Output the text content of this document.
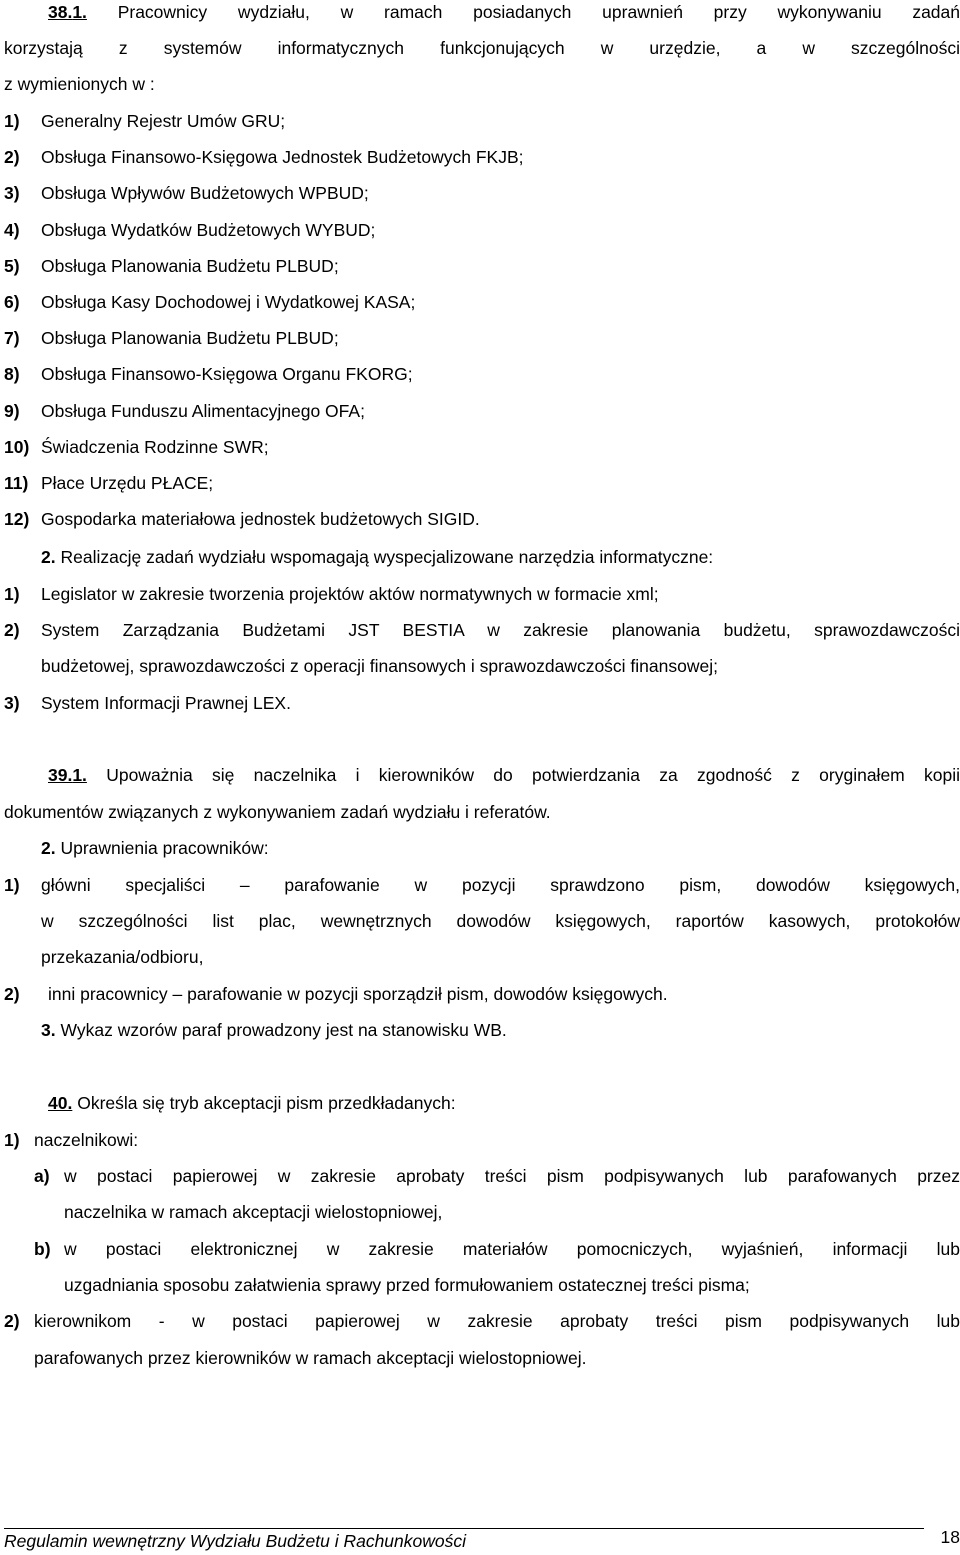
38.1. Pracownicy wydziału, w ramach posiadanych uprawnień przy wykonywaniu zadań
korzystają z systemów informatycznych funkcjonujących w urzędzie, a w szczególności
z wymienionych w :
1) Generalny Rejestr Umów GRU;
2) Obsługa Finansowo-Księgowa Jednostek Budżetowych FKJB;
3) Obsługa Wpływów Budżetowych WPBUD;
4) Obsługa Wydatków Budżetowych WYBUD;
5) Obsługa Planowania Budżetu PLBUD;
6) Obsługa Kasy Dochodowej i Wydatkowej KASA;
7) Obsługa Planowania Budżetu PLBUD;
8) Obsługa Finansowo-Księgowa Organu FKORG;
9) Obsługa Funduszu Alimentacyjnego OFA;
10) Świadczenia Rodzinne SWR;
11) Płace Urzędu PŁACE;
12) Gospodarka materiałowa jednostek budżetowych SIGID.
2. Realizację zadań wydziału wspomagają wyspecjalizowane narzędzia informatyczne:
1) Legislator w zakresie tworzenia projektów aktów normatywnych w formacie xml;
2) System Zarządzania Budżetami JST BESTIA w zakresie planowania budżetu, sprawozdawczości
budżetowej, sprawozdawczości z operacji finansowych i sprawozdawczości finansowej;
3) System Informacji Prawnej LEX.
39.1. Upoważnia się naczelnika i kierowników do potwierdzania za zgodność z oryginałem kopii
dokumentów związanych z wykonywaniem zadań wydziału i referatów.
2. Uprawnienia pracowników:
1) główni specjaliści – parafowanie w pozycji sprawdzono pism, dowodów księgowych,
w szczególności list plac, wewnętrznych dowodów księgowych, raportów kasowych, protokołów
przekazania/odbioru,
2) inni pracownicy – parafowanie w pozycji sporządził pism, dowodów księgowych.
3. Wykaz wzorów paraf prowadzony jest na stanowisku WB.
40. Określa się tryb akceptacji pism przedkładanych:
1) naczelnikowi:
a) w postaci papierowej w zakresie aprobaty treści pism podpisywanych lub parafowanych przez
naczelnika w ramach akceptacji wielostopniowej,
b) w postaci elektronicznej w zakresie materiałów pomocniczych, wyjaśnień, informacji lub
uzgadniania sposobu załatwienia sprawy przed formułowaniem ostatecznej treści pisma;
2) kierownikom - w postaci papierowej w zakresie aprobaty treści pism podpisywanych lub
parafowanych przez kierowników w ramach akceptacji wielostopniowej.
Regulamin wewnętrzny Wydziału Budżetu i Rachunkowości	18
